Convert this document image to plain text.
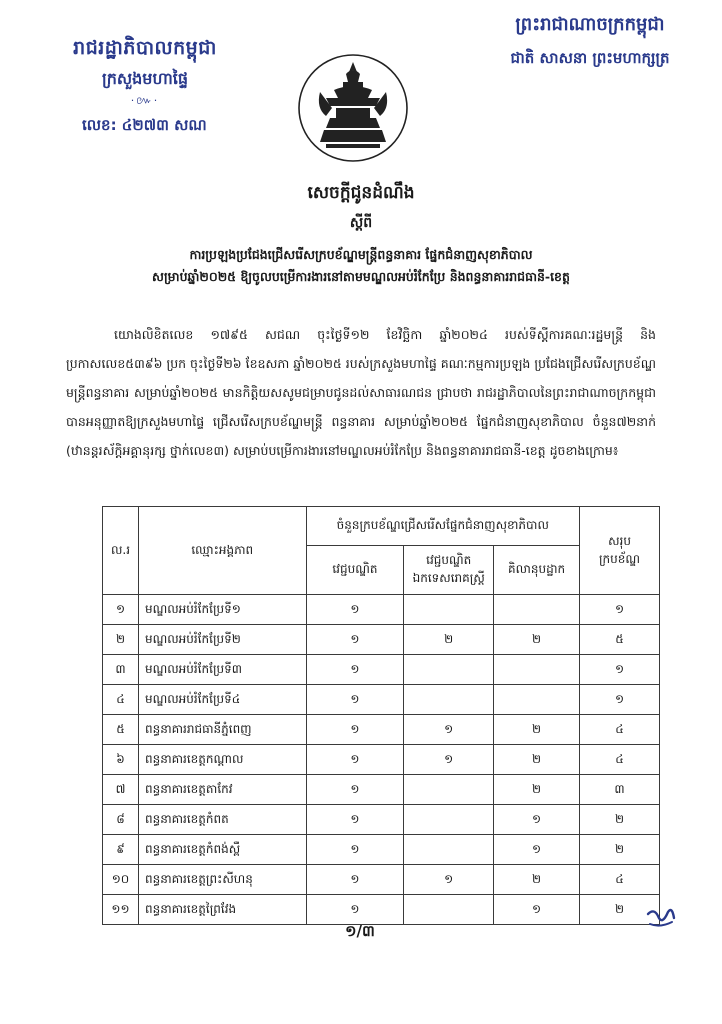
រាជរដ្ឋាភិបាលកម្ពុជា
ក្រសួងមហាផ្ទៃ
·៚·
លេខ: ៤២៧៣ សណ
ព្រះរាជាណាចក្រកម្ពុជា
ជាតិ សាសនា ព្រះមហាក្សត្រ
សេចក្តីជូនដំណឹង
ស្តីពី
ការប្រឡងប្រជែងជ្រើសរើសក្របខ័ណ្ឌមន្ត្រីពន្ធនាគារ ផ្នែកជំនាញសុខាភិបាល
សម្រាប់ឆ្នាំ២០២៥ ឱ្យចូលបម្រើការងារនៅតាមមណ្ឌលអប់រំកែប្រែ និងពន្ធនាគាររាជធានី-ខេត្ត
យោងលិខិតលេខ ១៧៩៥ សជណ ចុះថ្ងៃទី១២ ខែវិច្ឆិកា ឆ្នាំ២០២៤ របស់ទីស្តីការគណៈរដ្ឋមន្ត្រី និង ប្រកាសលេខ៥៣៩៦ ប្រក ចុះថ្ងៃទី២៦ ខែឧសភា ឆ្នាំ២០២៥ របស់ក្រសួងមហាផ្ទៃ គណៈកម្មការប្រឡង ប្រជែងជ្រើសរើសក្របខ័ណ្ឌមន្ត្រីពន្ធនាគារ សម្រាប់ឆ្នាំ២០២៥ មានកិត្តិយសសូមជម្រាបជូនដល់សាធារណជន ជ្រាបថា រាជរដ្ឋាភិបាលនៃព្រះរាជាណាចក្រកម្ពុជា បានអនុញ្ញាតឱ្យក្រសួងមហាផ្ទៃ ជ្រើសរើសក្របខ័ណ្ឌមន្ត្រី ពន្ធនាគារ សម្រាប់ឆ្នាំ២០២៥ ផ្នែកជំនាញសុខាភិបាល ចំនួន៧២នាក់ (ឋានន្តរស័ក្តិអគ្គានុរក្ស ថ្នាក់លេខ៣) សម្រាប់បម្រើការងារនៅមណ្ឌលអប់រំកែប្រែ និងពន្ធនាគាររាជធានី-ខេត្ត ដូចខាងក្រោម៖
ល.រ	ឈ្មោះអង្គភាព	ចំនួនក្របខ័ណ្ឌជ្រើសរើសផ្នែកជំនាញសុខាភិបាល			សរុប ក្របខ័ណ្ឌ
		វេជ្ជបណ្ឌិត	វេជ្ជបណ្ឌិត ឯកទេសរោគស្ត្រី	គិលានុបដ្ឋាក	
១	មណ្ឌលអប់រំកែប្រែទី១	១			១
២	មណ្ឌលអប់រំកែប្រែទី២	១	២	២	៥
៣	មណ្ឌលអប់រំកែប្រែទី៣	១			១
៤	មណ្ឌលអប់រំកែប្រែទី៤	១			១
៥	ពន្ធនាគាររាជធានីភ្នំពេញ	១	១	២	៤
៦	ពន្ធនាគារខេត្តកណ្តាល	១	១	២	៤
៧	ពន្ធនាគារខេត្តតាកែវ	១		២	៣
៨	ពន្ធនាគារខេត្តកំពត	១		១	២
៩	ពន្ធនាគារខេត្តកំពង់ស្ពឺ	១		១	២
១០	ពន្ធនាគារខេត្តព្រះសីហនុ	១	១	២	៤
១១	ពន្ធនាគារខេត្តព្រៃវែង	១		១	២
១/៣
